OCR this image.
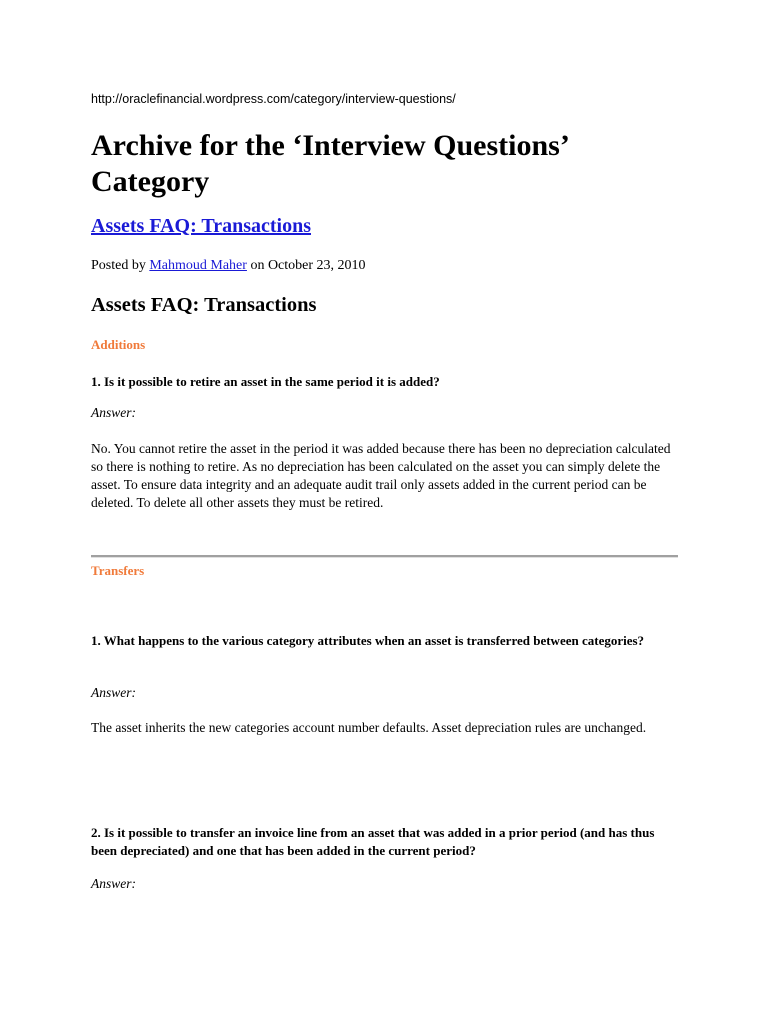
http://oraclefinancial.wordpress.com/category/interview-questions/
Archive for the ‘Interview Questions’ Category
Assets FAQ: Transactions
Posted by Mahmoud Maher on October 23, 2010
Assets FAQ: Transactions
Additions
1. Is it possible to retire an asset in the same period it is added?
Answer:
No. You cannot retire the asset in the period it was added because there has been no depreciation calculated so there is nothing to retire. As no depreciation has been calculated on the asset you can simply delete the asset. To ensure data integrity and an adequate audit trail only assets added in the current period can be deleted. To delete all other assets they must be retired.
Transfers
1. What happens to the various category attributes when an asset is transferred between categories?
Answer:
The asset inherits the new categories account number defaults. Asset depreciation rules are unchanged.
2. Is it possible to transfer an invoice line from an asset that was added in a prior period (and has thus been depreciated) and one that has been added in the current period?
Answer:
